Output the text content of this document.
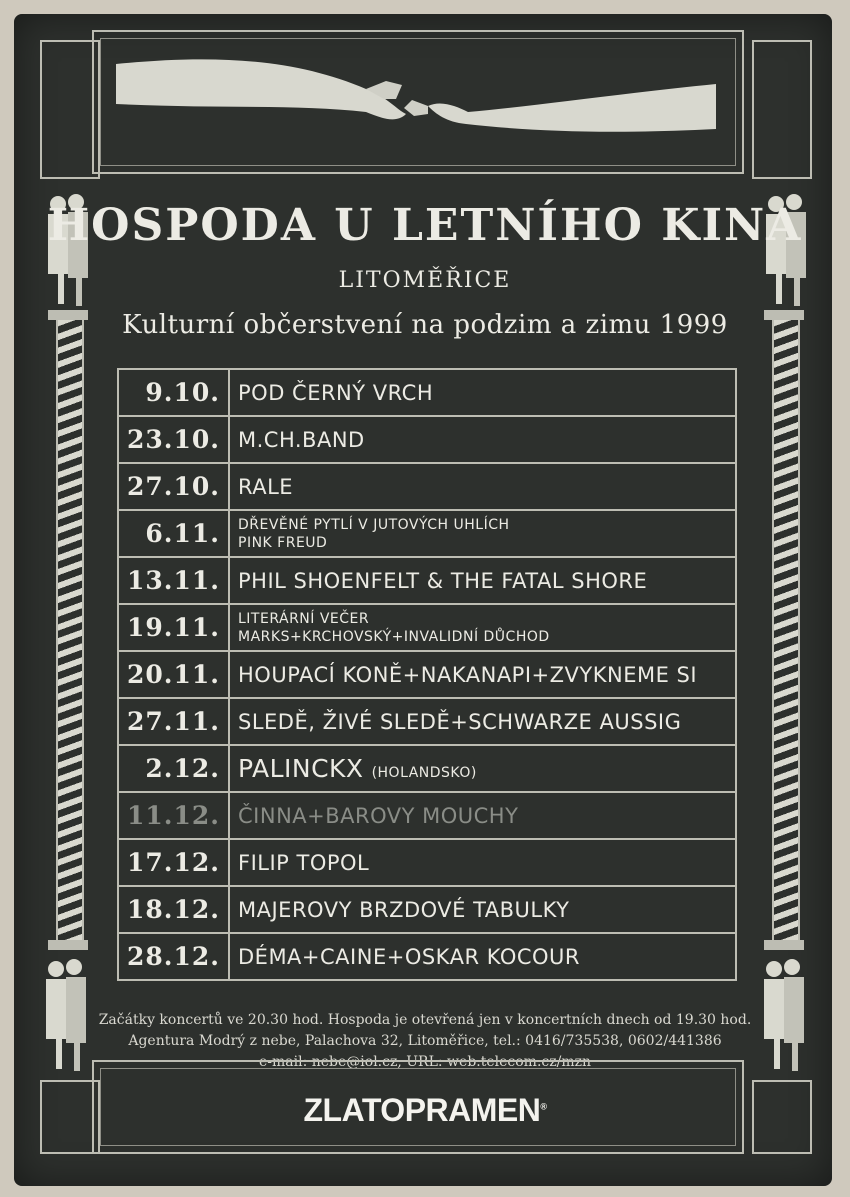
HOSPODA U LETNÍHO KINA
LITOMĚŘICE
Kulturní občerstvení na podzim a zimu 1999
9.10.	POD ČERNÝ VRCH

23.10.	M.CH.BAND

27.10.	RALE

6.11.	DŘEVĚNÉ PYTLÍ V JUTOVÝCH UHLÍCH
PINK FREUD

13.11.	PHIL SHOENFELT & THE FATAL SHORE

19.11.	LITERÁRNÍ VEČER
MARKS+KRCHOVSKÝ+INVALIDNÍ DŮCHOD

20.11.	HOUPACÍ KONĚ+NAKANAPI+ZVYKNEME SI

27.11.	SLEDĚ, ŽIVÉ SLEDĚ+SCHWARZE AUSSIG

2.12.	PALINCKX (HOLANDSKO)
11.12.	ČINNA+BAROVY MOUCHY

17.12.	FILIP TOPOL

18.12.	MAJEROVY BRZDOVÉ TABULKY

28.12.	DÉMA+CAINE+OSKAR KOCOUR
Začátky koncertů ve 20.30 hod. Hospoda je otevřená jen v koncertních dnech od 19.30 hod.
Agentura Modrý z nebe, Palachova 32, Litoměřice, tel.: 0416/735538, 0602/441386
e-mail: nebe@iol.cz, URL: web.telecom.cz/mzn
ZLATOPRAMEN®
